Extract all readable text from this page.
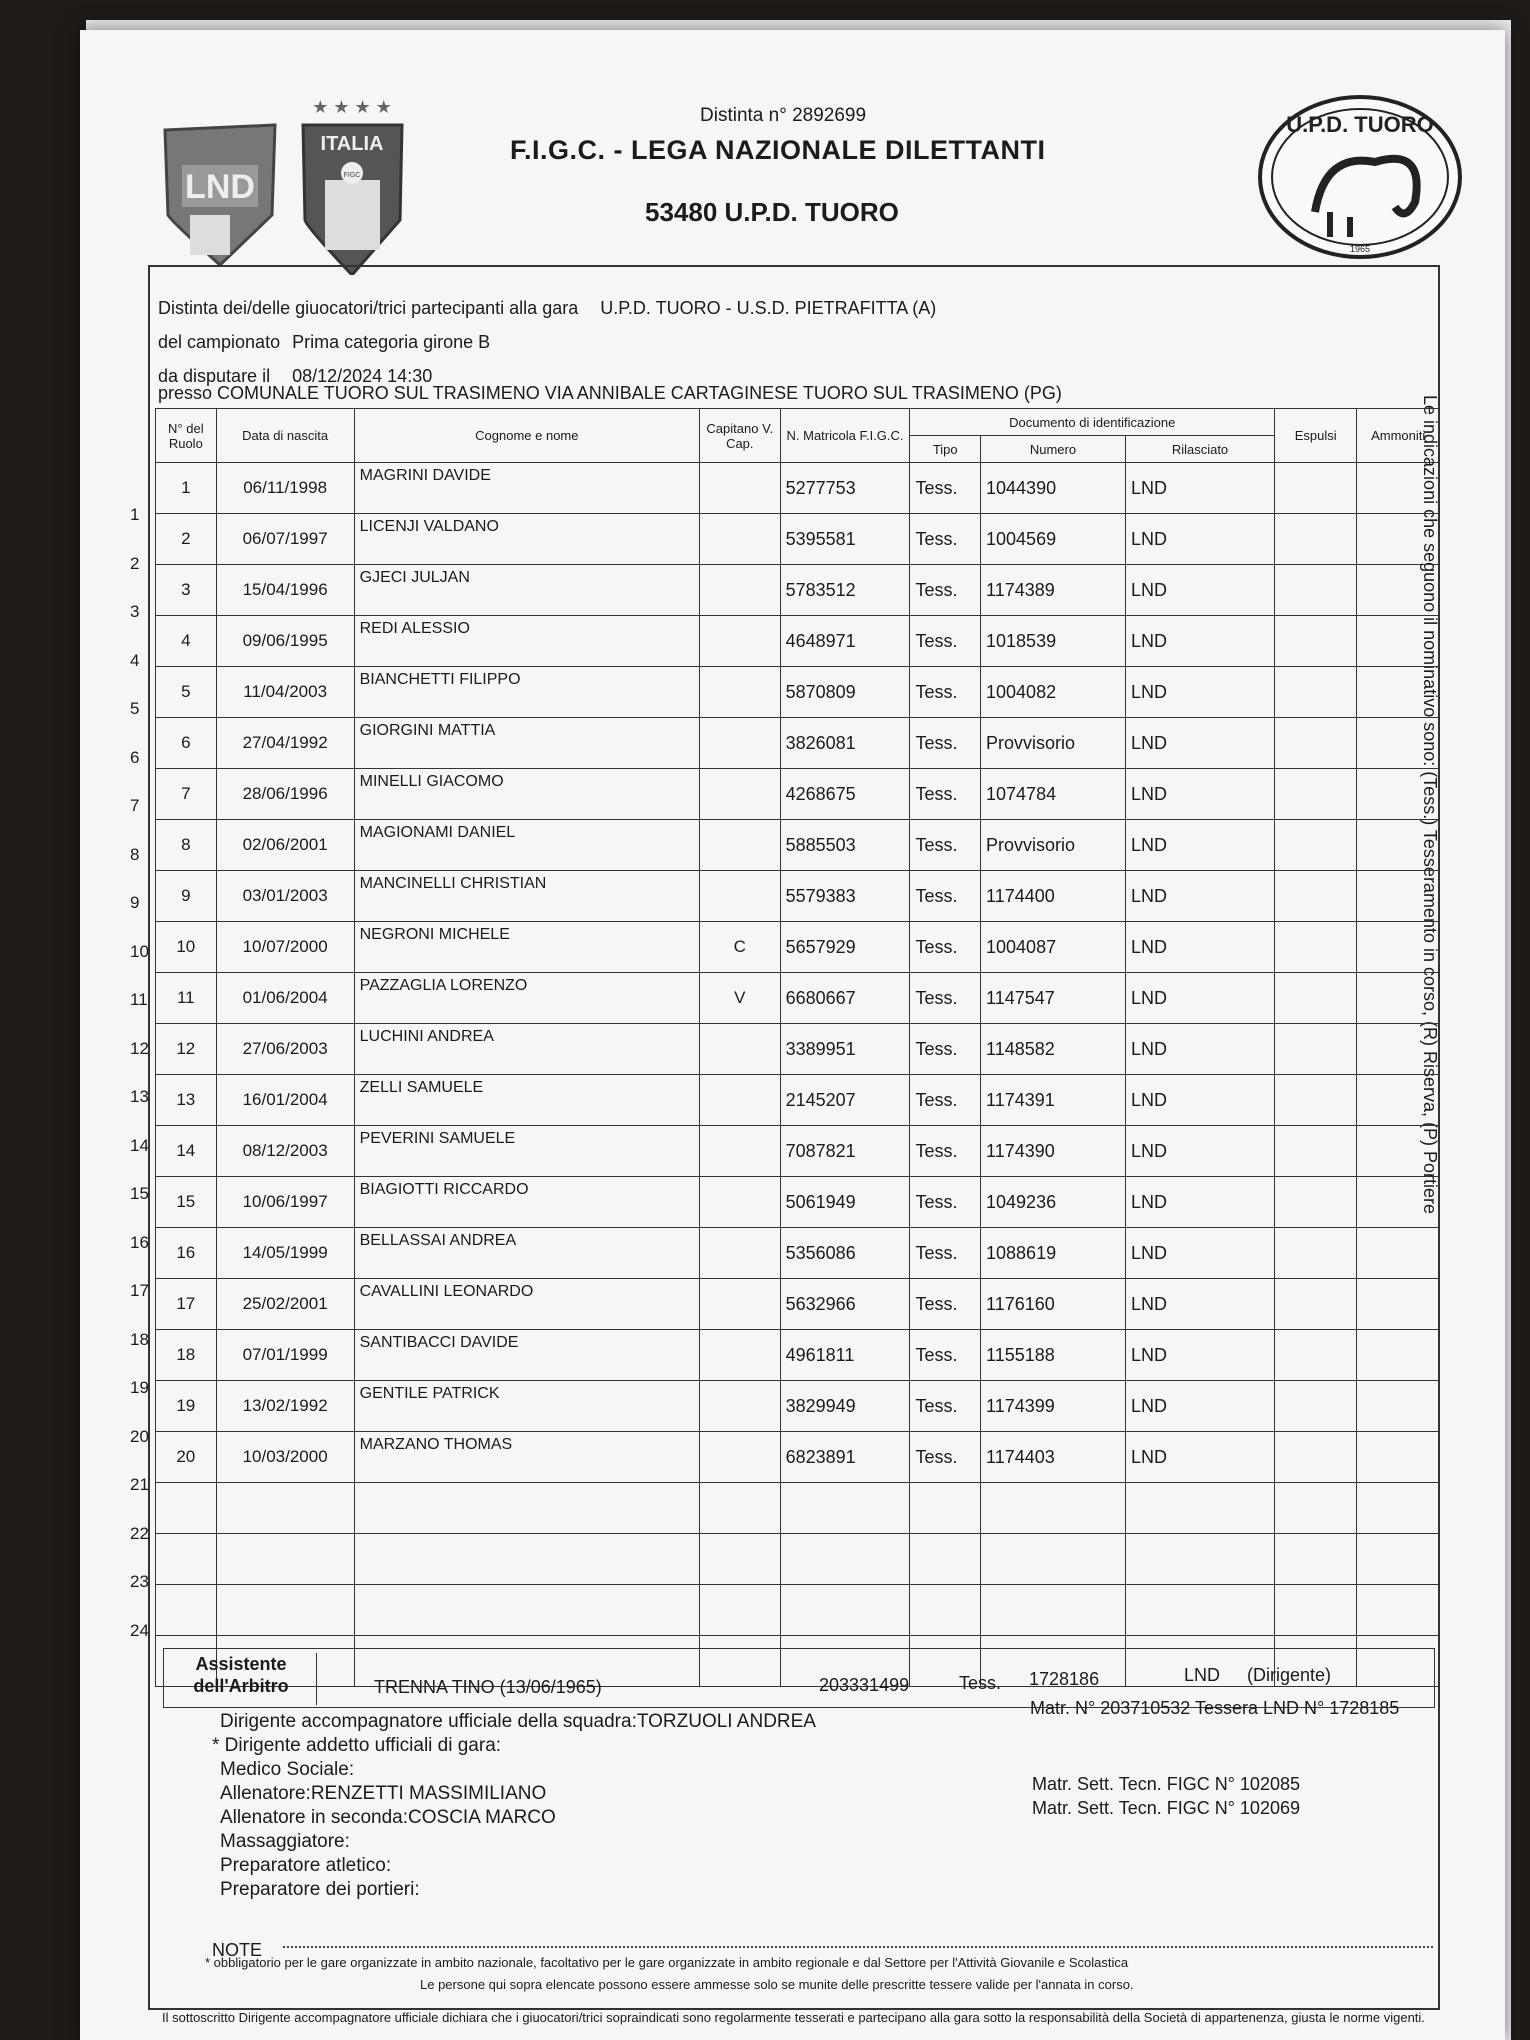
LND
★ ★ ★ ★
ITALIA
FIGC
U.P.D. TUORO
1965
Distinta n° 2892699
F.I.G.C. - LEGA NAZIONALE DILETTANTI
53480 U.P.D. TUORO
Le indicazioni che seguono il nominativo sono: (Tess.) Tesseramento in corso, (R) Riserva, (P) Portiere
Distinta dei/delle giuocatori/trici partecipanti alla gara U.P.D. TUORO - U.S.D. PIETRAFITTA (A)
del campionato Prima categoria girone B
da disputare il 08/12/2024 14:30
presso COMUNALE TUORO SUL TRASIMENO VIA ANNIBALE CARTAGINESE TUORO SUL TRASIMENO (PG)
N° del Ruolo	Data di nascita	Cognome e nome	Capitano V. Cap.	N. Matricola F.I.G.C.	Documento di identificazione			Espulsi	Ammoniti
					Tipo	Numero	Rilasciato		
1	06/11/1998	MAGRINI DAVIDE		5277753	Tess.	1044390	LND		
2	06/07/1997	LICENJI VALDANO		5395581	Tess.	1004569	LND		
3	15/04/1996	GJECI JULJAN		5783512	Tess.	1174389	LND		
4	09/06/1995	REDI ALESSIO		4648971	Tess.	1018539	LND		
5	11/04/2003	BIANCHETTI FILIPPO		5870809	Tess.	1004082	LND		
6	27/04/1992	GIORGINI MATTIA		3826081	Tess.	Provvisorio	LND		
7	28/06/1996	MINELLI GIACOMO		4268675	Tess.	1074784	LND		
8	02/06/2001	MAGIONAMI DANIEL		5885503	Tess.	Provvisorio	LND		
9	03/01/2003	MANCINELLI CHRISTIAN		5579383	Tess.	1174400	LND		
10	10/07/2000	NEGRONI MICHELE	C	5657929	Tess.	1004087	LND		
11	01/06/2004	PAZZAGLIA LORENZO	V	6680667	Tess.	1147547	LND		
12	27/06/2003	LUCHINI ANDREA		3389951	Tess.	1148582	LND		
13	16/01/2004	ZELLI SAMUELE		2145207	Tess.	1174391	LND		
14	08/12/2003	PEVERINI SAMUELE		7087821	Tess.	1174390	LND		
15	10/06/1997	BIAGIOTTI RICCARDO		5061949	Tess.	1049236	LND		
16	14/05/1999	BELLASSAI ANDREA		5356086	Tess.	1088619	LND		
17	25/02/2001	CAVALLINI LEONARDO		5632966	Tess.	1176160	LND		
18	07/01/1999	SANTIBACCI DAVIDE		4961811	Tess.	1155188	LND		
19	13/02/1992	GENTILE PATRICK		3829949	Tess.	1174399	LND		
20	10/03/2000	MARZANO THOMAS		6823891	Tess.	1174403	LND		

1
2
3
4
5
6
7
8
9
10
11
12
13
14
15
16
17
18
19
20
21
22
23
24
Assistente dell'Arbitro	TRENNA TINO (13/06/1965)	203331499	Tess. 1728186	LND (Dirigente)
Dirigente accompagnatore ufficiale della squadra:TORZUOLI ANDREA
* Dirigente addetto ufficiali di gara:
Medico Sociale:
Allenatore:RENZETTI MASSIMILIANO
Allenatore in seconda:COSCIA MARCO
Massaggiatore:
Preparatore atletico:
Preparatore dei portieri:
Matr. N° 203710532 Tessera LND N° 1728185
Matr. Sett. Tecn. FIGC N° 102085
Matr. Sett. Tecn. FIGC N° 102069
NOTE
* obbligatorio per le gare organizzate in ambito nazionale, facoltativo per le gare organizzate in ambito regionale e dal Settore per l'Attività Giovanile e Scolastica
Le persone qui sopra elencate possono essere ammesse solo se munite delle prescritte tessere valide per l'annata in corso.
Il sottoscritto Dirigente accompagnatore ufficiale dichiara che i giuocatori/trici sopraindicati sono regolarmente tesserati e partecipano alla gara sotto la responsabilità della Società di appartenenza, giusta le norme vigenti.
